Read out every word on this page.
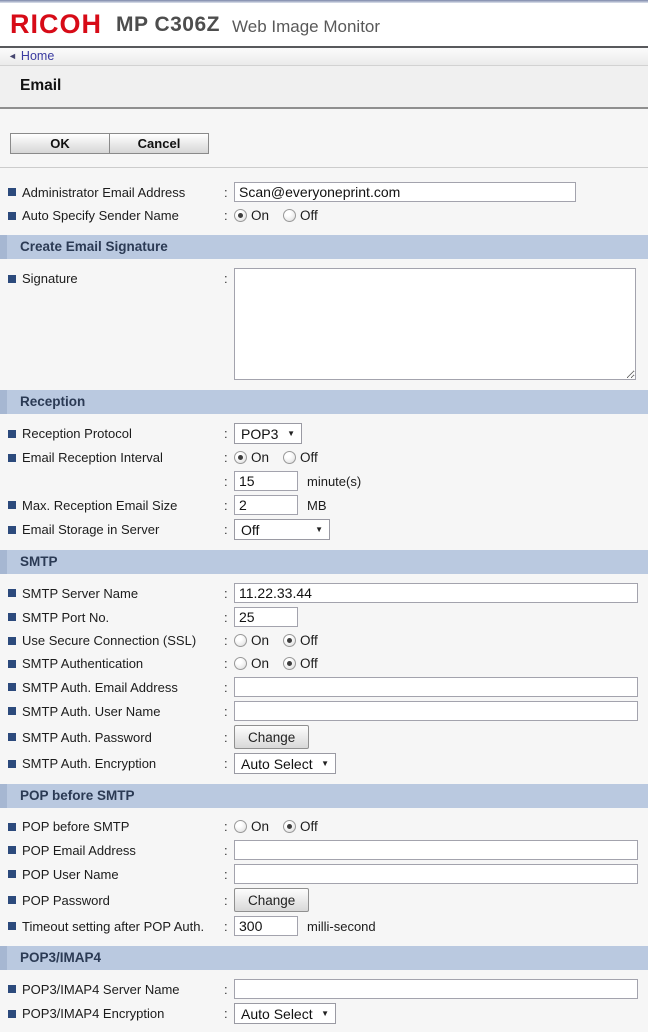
RICOH MP C306Z Web Image Monitor
◄ Home
Email
OK	Cancel
Administrator Email Address	:
Scan@everyoneprint.com
Auto Specify Sender Name	:	On Off
Create Email Signature
Signature	:
Reception
Reception Protocol	: POP3 ▼
Email Reception Interval	:	On Off
:
15	minute(s)
Max. Reception Email Size	:
2	MB
Email Storage in Server	: Off	▼
SMTP
SMTP Server Name	:
11.22.33.44
SMTP Port No.	:
25
Use Secure Connection (SSL) :	On Off
SMTP Authentication	:	On Off
SMTP Auth. Email Address	:
SMTP Auth. User Name	:
SMTP Auth. Password	:	Change
SMTP Auth. Encryption	: Auto Select ▼
POP before SMTP
POP before SMTP	:	On Off
POP Email Address	:
POP User Name	:
POP Password	:	Change
Timeout setting after POP Auth. :
300	milli-second
POP3/IMAP4
POP3/IMAP4 Server Name	:
POP3/IMAP4 Encryption	: Auto Select ▼
